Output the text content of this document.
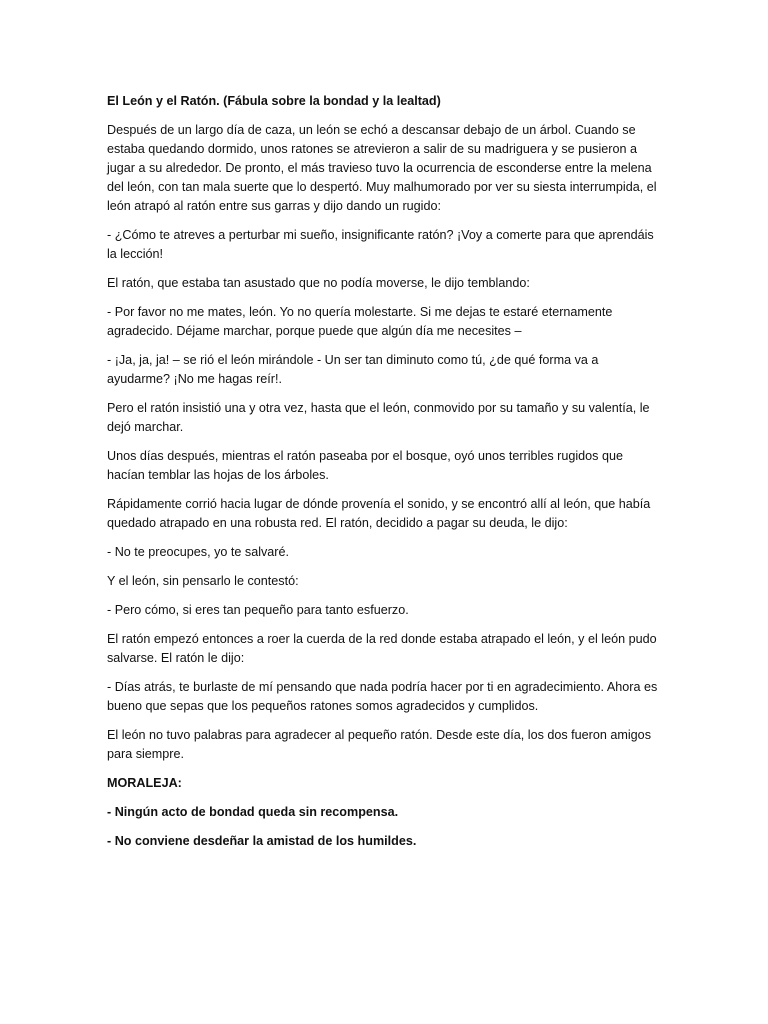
El León y el Ratón. (Fábula sobre la bondad y la lealtad)

Después de un largo día de caza, un león se echó a descansar debajo de un árbol. Cuando se estaba quedando dormido, unos ratones se atrevieron a salir de su madriguera y se pusieron a jugar a su alrededor. De pronto, el más travieso tuvo la ocurrencia de esconderse entre la melena del león, con tan mala suerte que lo despertó. Muy malhumorado por ver su siesta interrumpida, el león atrapó al ratón entre sus garras y dijo dando un rugido:

- ¿Cómo te atreves a perturbar mi sueño, insignificante ratón? ¡Voy a comerte para que aprendáis la lección!

El ratón, que estaba tan asustado que no podía moverse, le dijo temblando:

- Por favor no me mates, león. Yo no quería molestarte. Si me dejas te estaré eternamente agradecido. Déjame marchar, porque puede que algún día me necesites –

- ¡Ja, ja, ja! – se rió el león mirándole - Un ser tan diminuto como tú, ¿de qué forma va a ayudarme? ¡No me hagas reír!.

Pero el ratón insistió una y otra vez, hasta que el león, conmovido por su tamaño y su valentía, le dejó marchar.

Unos días después, mientras el ratón paseaba por el bosque, oyó unos terribles rugidos que hacían temblar las hojas de los árboles.

Rápidamente corrió hacia lugar de dónde provenía el sonido, y se encontró allí al león, que había quedado atrapado en una robusta red. El ratón, decidido a pagar su deuda, le dijo:

- No te preocupes, yo te salvaré.

Y el león, sin pensarlo le contestó:

- Pero cómo, si eres tan pequeño para tanto esfuerzo.

El ratón empezó entonces a roer la cuerda de la red donde estaba atrapado el león, y el león pudo salvarse. El ratón le dijo:

- Días atrás, te burlaste de mí pensando que nada podría hacer por ti en agradecimiento. Ahora es bueno que sepas que los pequeños ratones somos agradecidos y cumplidos.

El león no tuvo palabras para agradecer al pequeño ratón. Desde este día, los dos fueron amigos para siempre.

MORALEJA:

- Ningún acto de bondad queda sin recompensa.

- No conviene desdeñar la amistad de los humildes.
